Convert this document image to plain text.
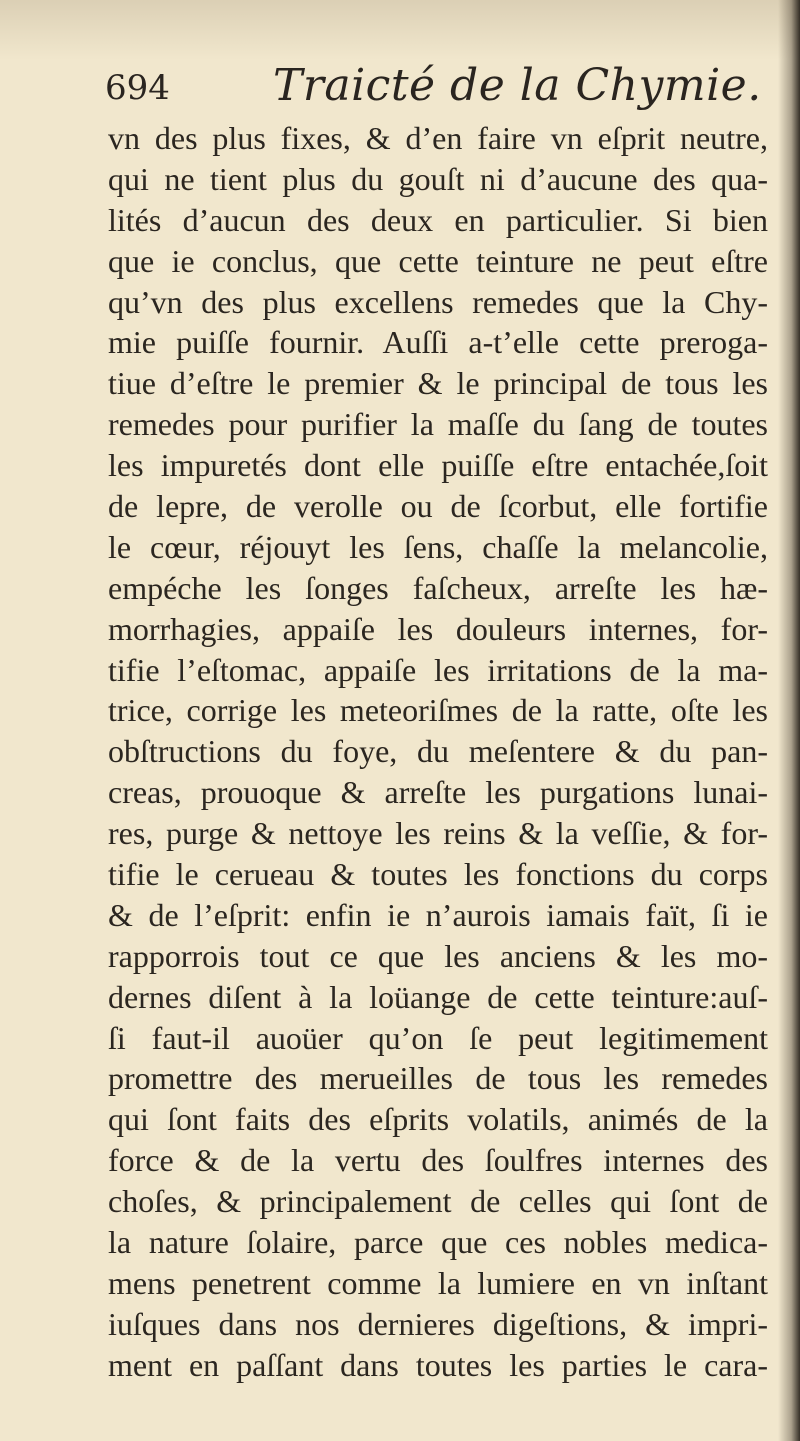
694 Traicté de la Chymie.
vn des plus fixes, & d’en faire vn eſprit neutre,
qui ne tient plus du gouſt ni d’aucune des qua-
lités d’aucun des deux en particulier. Si bien
que ie conclus, que cette teinture ne peut eſtre
qu’vn des plus excellens remedes que la Chy-
mie puiſſe fournir. Auſſi a-t’elle cette preroga-
tiue d’eſtre le premier & le principal de tous les
remedes pour purifier la maſſe du ſang de toutes
les impuretés dont elle puiſſe eſtre entachée,ſoit
de lepre, de verolle ou de ſcorbut, elle fortifie
le cœur, réjouyt les ſens, chaſſe la melancolie,
empéche les ſonges faſcheux, arreſte les hæ-
morrhagies, appaiſe les douleurs internes, for-
tifie l’eſtomac, appaiſe les irritations de la ma-
trice, corrige les meteoriſmes de la ratte, oſte les
obſtructions du foye, du meſentere & du pan-
creas, prouoque & arreſte les purgations lunai-
res, purge & nettoye les reins & la veſſie, & for-
tifie le cerueau & toutes les fonctions du corps
& de l’eſprit: enfin ie n’aurois iamais faït, ſi ie
rapporrois tout ce que les anciens & les mo-
dernes diſent à la loüange de cette teinture:auſ-
ſi faut-il auoüer qu’on ſe peut legitimement
promettre des merueilles de tous les remedes
qui ſont faits des eſprits volatils, animés de la
force & de la vertu des ſoulfres internes des
choſes, & principalement de celles qui ſont de
la nature ſolaire, parce que ces nobles medica-
mens penetrent comme la lumiere en vn inſtant
iuſques dans nos dernieres digeſtions, & impri-
ment en paſſant dans toutes les parties le cara-
